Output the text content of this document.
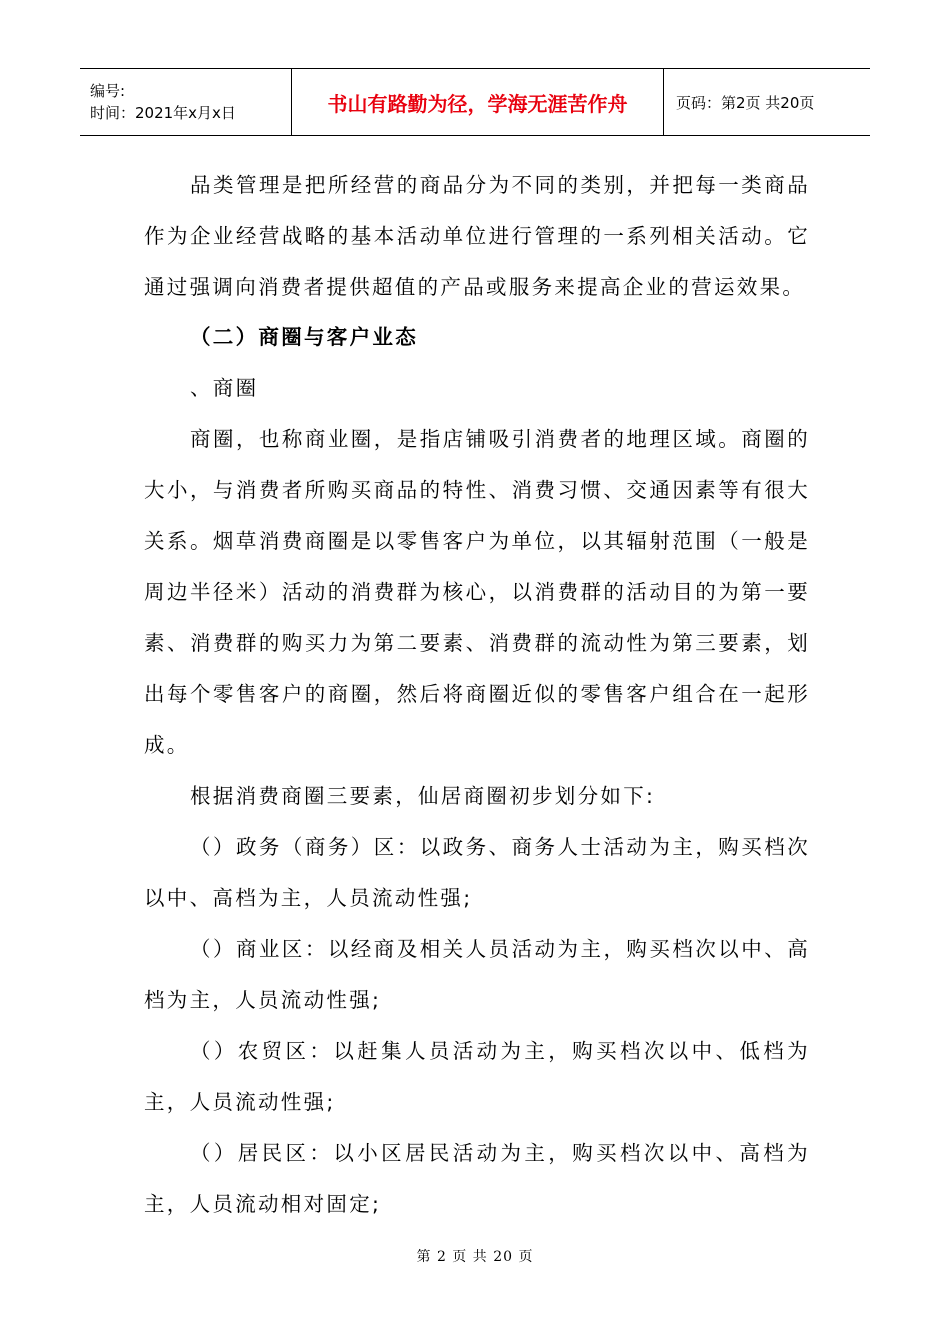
编号:
时间：2021年x月x日	书山有路勤为径，学海无涯苦作舟	页码：第2页 共20页

品类管理是把所经营的商品分为不同的类别，并把每一类商品作为企业经营战略的基本活动单位进行管理的一系列相关活动。它通过强调向消费者提供超值的产品或服务来提高企业的营运效果。

（二）商圈与客户业态

、商圈

商圈，也称商业圈，是指店铺吸引消费者的地理区域。商圈的大小，与消费者所购买商品的特性、消费习惯、交通因素等有很大关系。烟草消费商圈是以零售客户为单位，以其辐射范围（一般是周边半径米）活动的消费群为核心，以消费群的活动目的为第一要素、消费群的购买力为第二要素、消费群的流动性为第三要素，划出每个零售客户的商圈，然后将商圈近似的零售客户组合在一起形成。

根据消费商圈三要素，仙居商圈初步划分如下:

（）政务（商务）区：以政务、商务人士活动为主，购买档次以中、高档为主，人员流动性强;

（）商业区：以经商及相关人员活动为主，购买档次以中、高档为主，人员流动性强;

（）农贸区：以赶集人员活动为主，购买档次以中、低档为主，人员流动性强;

（）居民区：以小区居民活动为主，购买档次以中、高档为主，人员流动相对固定;

第 2 页 共 20 页
